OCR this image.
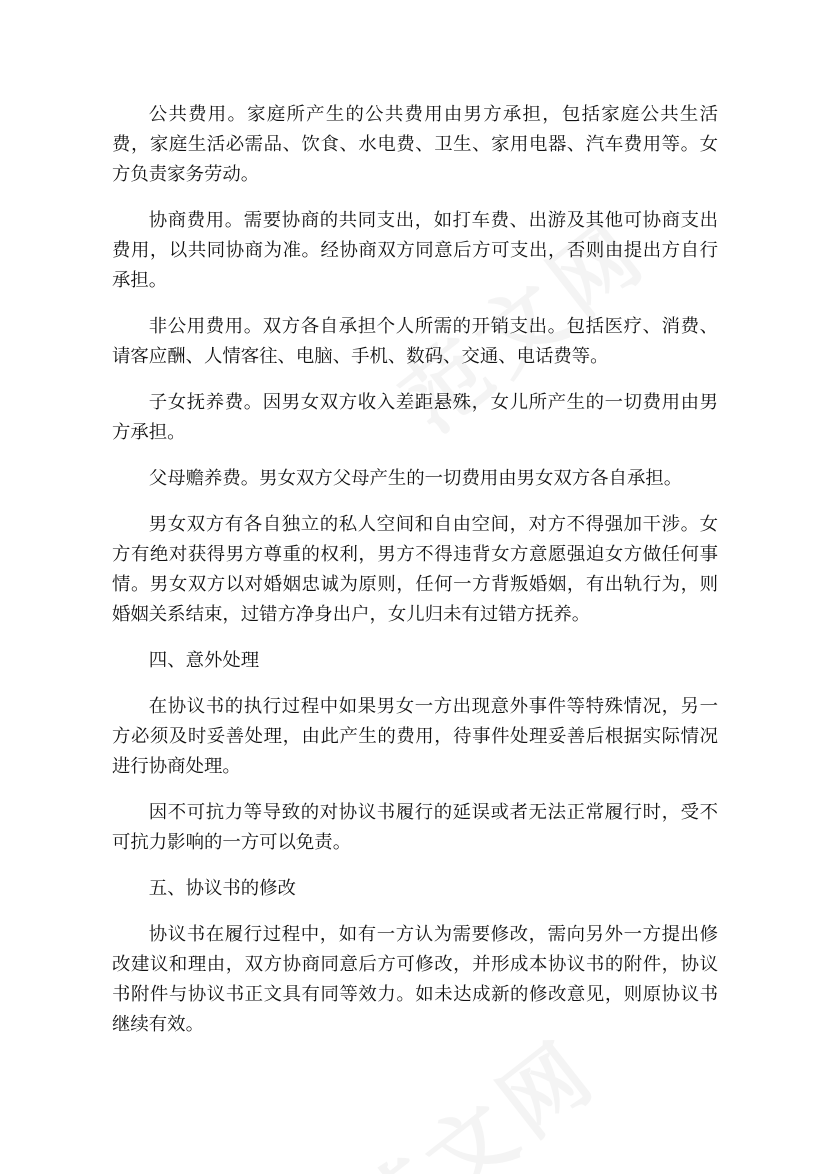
公共费用。家庭所产生的公共费用由男方承担，包括家庭公共生活费，家庭生活必需品、饮食、水电费、卫生、家用电器、汽车费用等。女方负责家务劳动。

协商费用。需要协商的共同支出，如打车费、出游及其他可协商支出费用，以共同协商为准。经协商双方同意后方可支出，否则由提出方自行承担。

非公用费用。双方各自承担个人所需的开销支出。包括医疗、消费、请客应酬、人情客往、电脑、手机、数码、交通、电话费等。

子女抚养费。因男女双方收入差距悬殊，女儿所产生的一切费用由男方承担。

父母赡养费。男女双方父母产生的一切费用由男女双方各自承担。

男女双方有各自独立的私人空间和自由空间，对方不得强加干涉。女方有绝对获得男方尊重的权利，男方不得违背女方意愿强迫女方做任何事情。男女双方以对婚姻忠诚为原则，任何一方背叛婚姻，有出轨行为，则婚姻关系结束，过错方净身出户，女儿归未有过错方抚养。

四、意外处理

在协议书的执行过程中如果男女一方出现意外事件等特殊情况，另一方必须及时妥善处理，由此产生的费用，待事件处理妥善后根据实际情况进行协商处理。

因不可抗力等导致的对协议书履行的延误或者无法正常履行时，受不可抗力影响的一方可以免责。

五、协议书的修改

协议书在履行过程中，如有一方认为需要修改，需向另外一方提出修改建议和理由，双方协商同意后方可修改，并形成本协议书的附件，协议书附件与协议书正文具有同等效力。如未达成新的修改意见，则原协议书继续有效。
